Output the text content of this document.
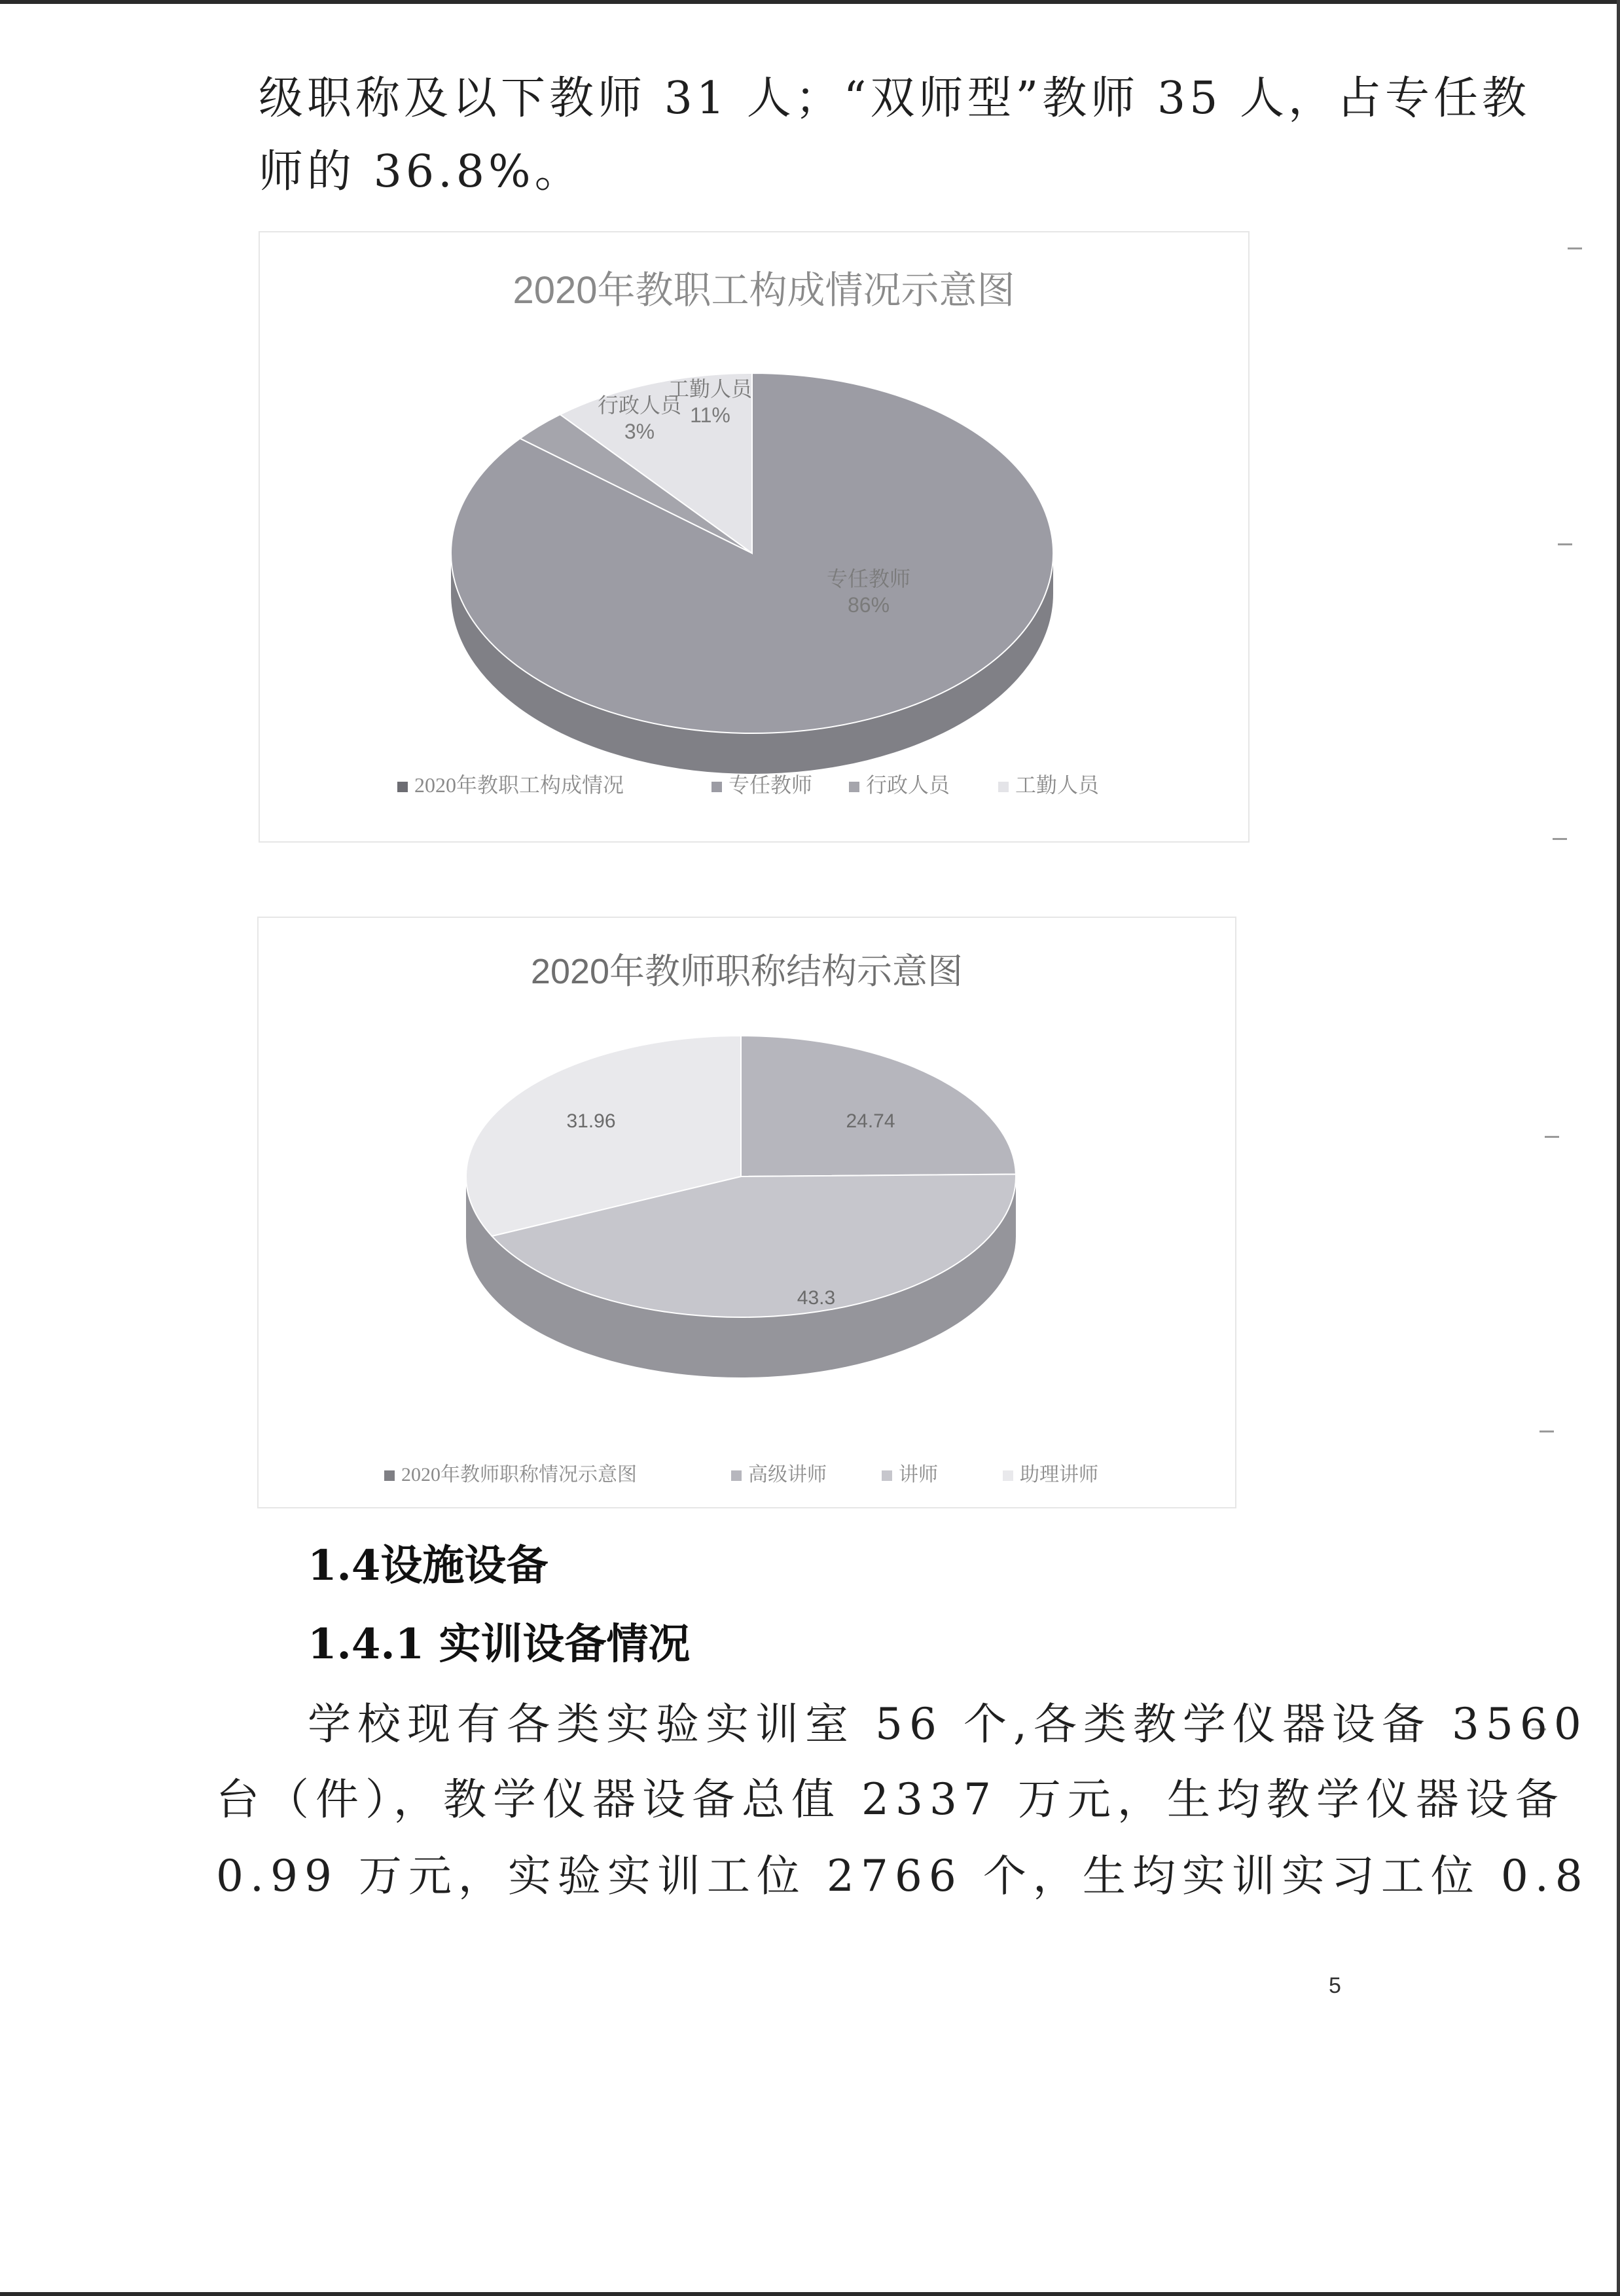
级职称及以下教师 31 人；“双师型”教师 35 人，占专任教
师的 36.8%。
2020年教职工构成情况示意图
专任教师
86%
行政人员
3%
工勤人员
11%
2020年教职工构成情况	专任教师	行政人员	工勤人员
2020年教师职称结构示意图
24.74
43.3
31.96
2020年教师职称情况示意图	高级讲师	讲师	助理讲师
1.4设施设备
1.4.1 实训设备情况
学校现有各类实验实训室 56 个,各类教学仪器设备 3560
台（件），教学仪器设备总值 2337 万元，生均教学仪器设备
0.99 万元，实验实训工位 2766 个，生均实训实习工位 0.8
5
